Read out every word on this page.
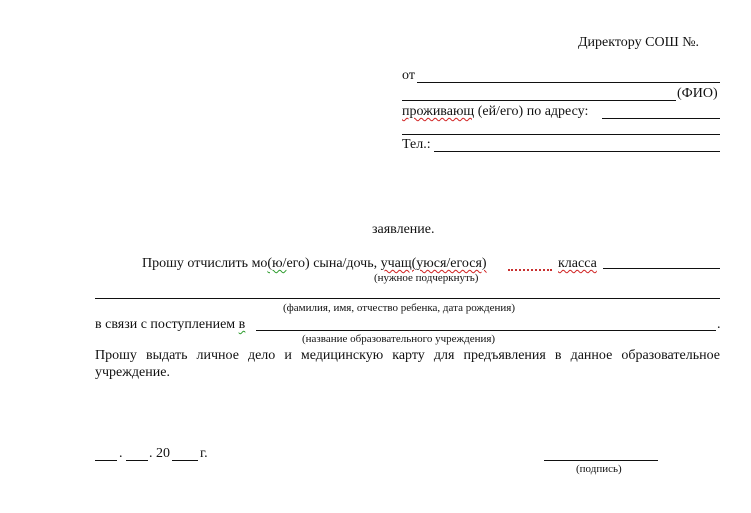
Директору СОШ №.
от
(ФИО)
проживающ (ей/его) по адресу:
Тел.:
заявление.
Прошу отчислить мо(ю/его) сына/дочь, учащ(уюся/егося)	класса
(нужное подчеркнуть)
(фамилия, имя, отчество ребенка, дата рождения)
в связи с поступлением в	.
(название образовательного учреждения)
Прошу выдать личное дело и медицинскую карту для предъявления в данное образовательное учреждение.
. . 20 г.
(подпись)
